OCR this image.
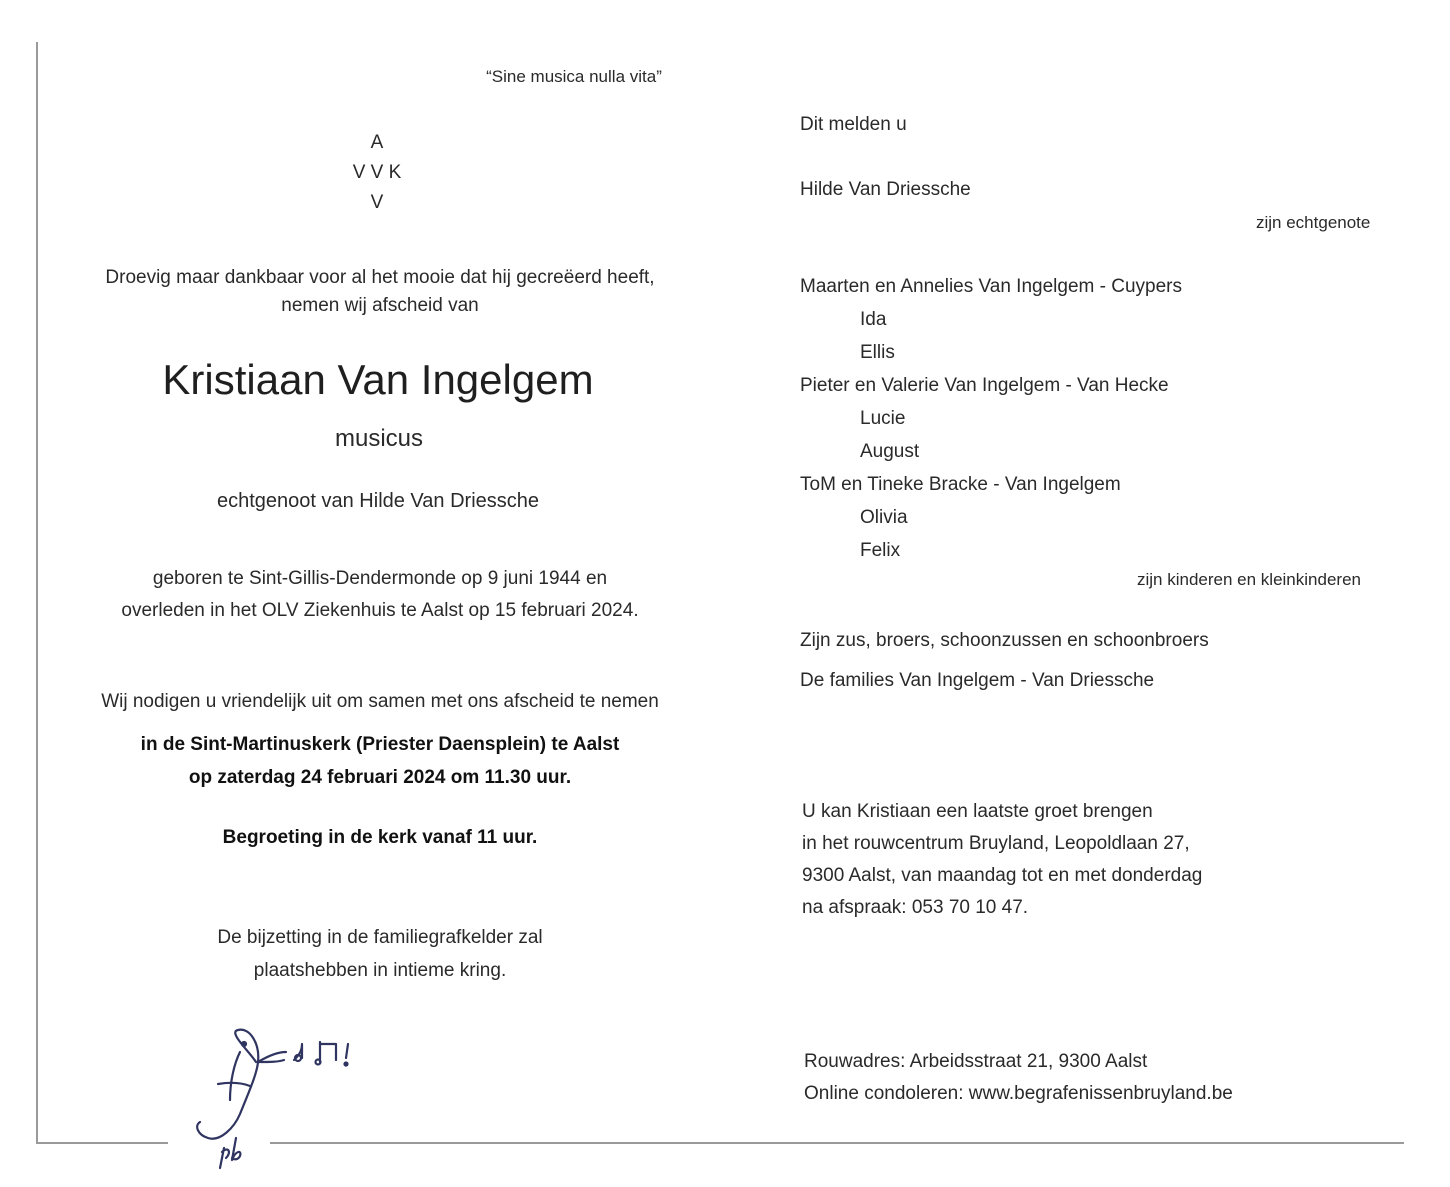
“Sine musica nulla vita”
A
V V K
V
Droevig maar dankbaar voor al het mooie dat hij gecreëerd heeft,
nemen wij afscheid van
Kristiaan Van Ingelgem
musicus
echtgenoot van Hilde Van Driessche
geboren te Sint-Gillis-Dendermonde op 9 juni 1944 en
overleden in het OLV Ziekenhuis te Aalst op 15 februari 2024.
Wij nodigen u vriendelijk uit om samen met ons afscheid te nemen
in de Sint-Martinuskerk (Priester Daensplein) te Aalst
op zaterdag 24 februari 2024 om 11.30 uur.
Begroeting in de kerk vanaf 11 uur.
De bijzetting in de familiegrafkelder zal
plaatshebben in intieme kring.
Dit melden u
Hilde Van Driessche
zijn echtgenote
Maarten en Annelies Van Ingelgem - Cuypers
Ida
Ellis
Pieter en Valerie Van Ingelgem - Van Hecke
Lucie
August
ToM en Tineke Bracke - Van Ingelgem
Olivia
Felix
zijn kinderen en kleinkinderen
Zijn zus, broers, schoonzussen en schoonbroers
De families Van Ingelgem - Van Driessche
U kan Kristiaan een laatste groet brengen
in het rouwcentrum Bruyland, Leopoldlaan 27,
9300 Aalst, van maandag tot en met donderdag
na afspraak: 053 70 10 47.
Rouwadres: Arbeidsstraat 21, 9300 Aalst
Online condoleren: www.begrafenissenbruyland.be
